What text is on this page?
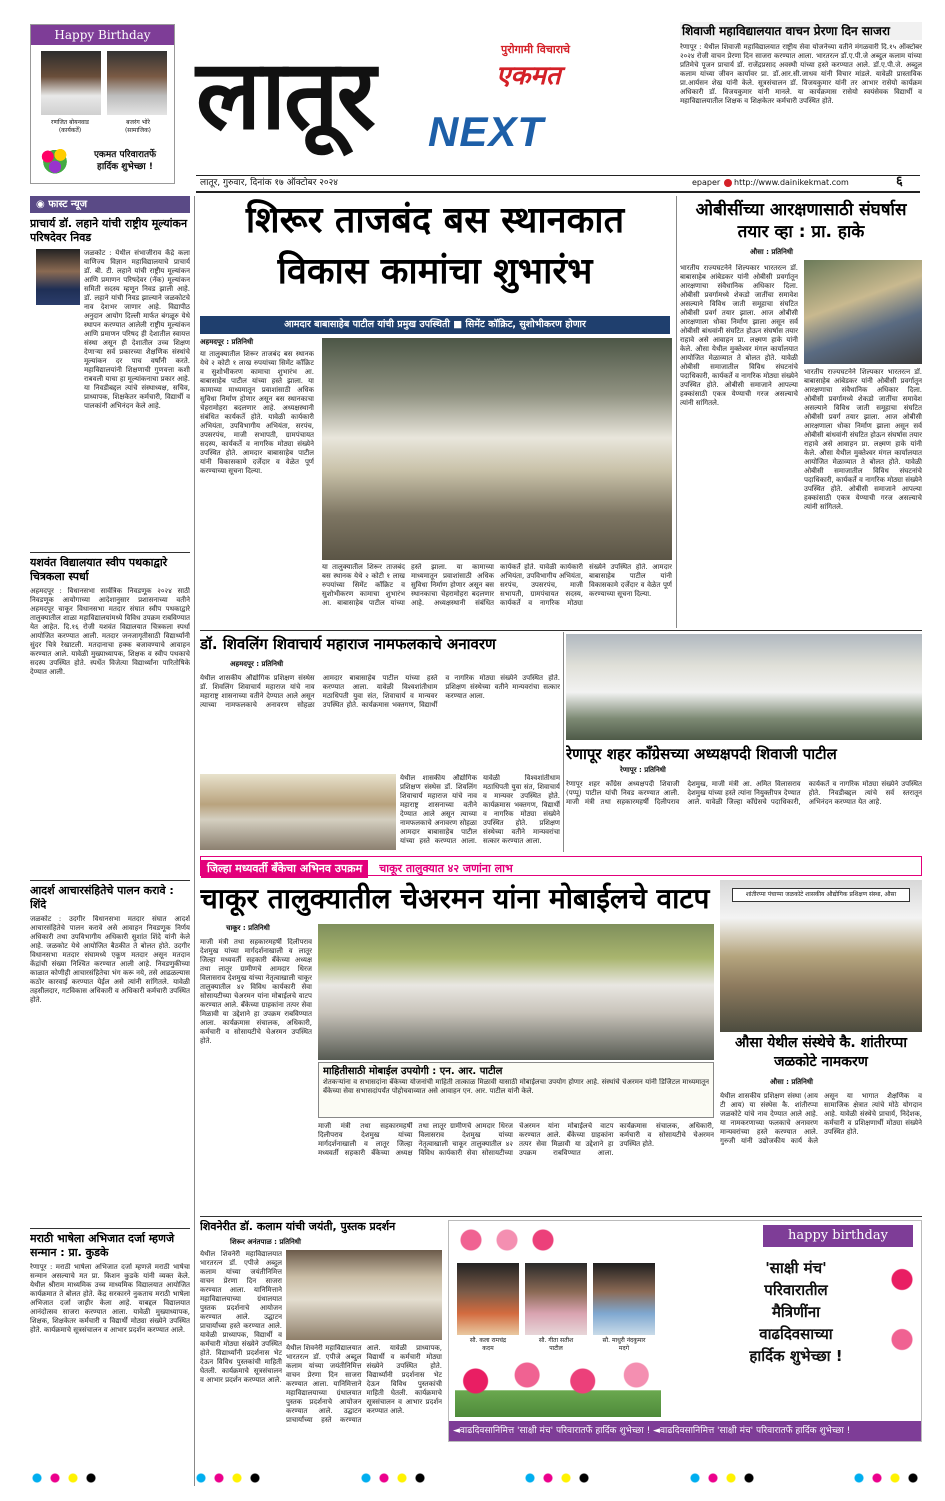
Happy Birthday
रणजित बोयनवाड
(कार्यकर्ते)
बजरंग भोरे
(सामाजिक)
एकमत परिवारातर्फे
हार्दिक शुभेच्छा !
लातूर	पुरोगामी विचाराचे
एकमत
NEXT
लातूर, गुरुवार, दिनांक १७ ऑक्टोबर २०२४	epaper http://www.dainikekmat.com	६
शिवाजी महाविद्यालयात वाचन प्रेरणा दिन साजरा
रेणापूर : येथील शिवाजी महाविद्यालयात राष्ट्रीय सेवा योजनेच्या वतीने मंगळवारी दि.१५ ऑक्टोबर २०२४ रोजी वाचन प्रेरणा दिन साजरा करण्यात आला. भारतरत्न डॉ.ए.पी.जे अब्दुल कलाम यांच्या प्रतिमेचे पूजन प्राचार्य डॉ. राजेंद्रप्रसाद अवस्थी यांच्या हस्ते करण्यात आले. डॉ.ए.पी.जे. अब्दुल कलाम यांच्या जीवन कार्यावर प्रा. डॉ.आर.सी.जाधव यांनी विचार मांडले. यावेळी प्रास्ताविक प्रा.आर्यसन शेख यांनी केले. सूत्रसंचालन डॉ. विजयकुमार यांनी तर आभार रासेयो कार्यक्रम अधिकारी डॉ. विजयकुमार यांनी मानले. या कार्यक्रमास रासेयो स्वयंसेवक विद्यार्थी व महाविद्यालयातील शिक्षक व शिक्षकेतर कर्मचारी उपस्थित होते.
◉ फास्ट न्यूज
प्राचार्य डॉ. लहाने यांची राष्ट्रीय मूल्यांकन परिषदेवर निवड
जळकोट : येथील संभाजीराव केंद्रे कला वाणिज्य विज्ञान महाविद्यालयाचे प्राचार्य डॉ. बी. टी. लहाने यांची राष्ट्रीय मूल्यांकन आणि प्रमाणन परिषदेवर (नॅक) मूल्यांकन समिती सदस्य म्हणून निवड झाली आहे. डॉ. लहाने यांची निवड झाल्याने जळकोटचे नाव देशभर जाणार आहे. विद्यापीठ अनुदान आयोग दिल्ली मार्फत बंगळूरु येथे स्थापन करण्यात आलेली राष्ट्रीय मूल्यांकन आणि प्रमाणन परिषद ही देशातील स्वायत्त संस्था असून ही देशातील उच्च शिक्षण देणाऱ्या सर्व प्रकारच्या शैक्षणिक संस्थांचे मूल्यांकन दर पाच वर्षांनी करते. महाविद्यालयांनी शिक्षणाची गुणवत्ता कशी राबवली याचा हा मूल्यांकनाचा प्रकार आहे. या निवडीबद्दल त्यांचे संस्थाध्यक्ष, सचिव, प्राध्यापक, शिक्षकेतर कर्मचारी, विद्यार्थी व पालकांनी अभिनंदन केले आहे.
यशवंत विद्यालयात स्वीप पथकाद्वारे चित्रकला स्पर्धा
अहमदपूर : विधानसभा सार्वत्रिक निवडणूक २०२४ साठी निवडणूक आयोगाच्या आदेशानुसार प्रशासनाच्या वतीने अहमदपूर चाकूर विधानसभा मतदार संघात स्वीप पथकाद्वारे तालुक्यातील शाळा महाविद्यालयांमध्ये विविध उपक्रम राबविण्यात येत आहेत. दि.१६ रोजी यशवंत विद्यालयात चित्रकला स्पर्धा आयोजित करण्यात आली. मतदार जनजागृतीसाठी विद्यार्थ्यांनी सुंदर चित्रे रेखाटली. मतदानाचा हक्क बजावण्याचे आवाहन करण्यात आले. यावेळी मुख्याध्यापक, शिक्षक व स्वीप पथकाचे सदस्य उपस्थित होते. स्पर्धेत विजेत्या विद्यार्थ्यांना पारितोषिके देण्यात आली.
आदर्श आचारसंहितेचे पालन करावे : शिंदे
जळकोट : उदगीर विधानसभा मतदार संघात आदर्श आचारसंहितेचे पालन करावे असे आवाहन निवडणूक निर्णय अधिकारी तथा उपविभागीय अधिकारी सुशांत शिंदे यांनी केले आहे. जळकोट येथे आयोजित बैठकीत ते बोलत होते. उदगीर विधानसभा मतदार संघामध्ये एकूण मतदार असून मतदान केंद्रांची संख्या निश्चित करण्यात आली आहे. निवडणुकीच्या काळात कोणीही आचारसंहितेचा भंग करू नये, तसे आढळल्यास कठोर कारवाई करण्यात येईल असे त्यांनी सांगितले. यावेळी तहसीलदार, गटविकास अधिकारी व अधिकारी कर्मचारी उपस्थित होते.
मराठी भाषेला अभिजात दर्जा म्हणजे सन्मान : प्रा. कुडके
रेणापूर : मराठी भाषेला अभिजात दर्जा म्हणजे मराठी भाषेचा सन्मान असल्याचे मत प्रा. किशन कुडके यांनी व्यक्त केले. येथील श्रीराम माध्यमिक उच्च माध्यमिक विद्यालयात आयोजित कार्यक्रमात ते बोलत होते. केंद्र सरकारने नुकताच मराठी भाषेला अभिजात दर्जा जाहीर केला आहे. याबद्दल विद्यालयात आनंदोत्सव साजरा करण्यात आला. यावेळी मुख्याध्यापक, शिक्षक, शिक्षकेतर कर्मचारी व विद्यार्थी मोठ्या संख्येने उपस्थित होते. कार्यक्रमाचे सूत्रसंचालन व आभार प्रदर्शन करण्यात आले.
शिरूर ताजबंद बस स्थानकात
विकास कामांचा शुभारंभ
आमदार बाबासाहेब पाटील यांची प्रमुख उपस्थिती ■ सिमेंट कॉक्रिट, सुशोभीकरण होणार
अहमदपूर : प्रतिनिधी
या तालुक्यातील शिरूर ताजबंद बस स्थानक येथे २ कोटी १ लाख रुपयांच्या सिमेंट कॉक्रिट व सुशोभीकरण कामाचा शुभारंभ आ. बाबासाहेब पाटील यांच्या हस्ते झाला. या कामाच्या माध्यमातून प्रवाशांसाठी अधिक सुविधा निर्माण होणार असून बस स्थानकाचा चेहरामोहरा बदलणार आहे. अध्यक्षस्थानी संबंधित कार्यकर्ते होते. यावेळी कार्यकारी अभियंता, उपविभागीय अभियंता, सरपंच, उपसरपंच, माजी सभापती, ग्रामपंचायत सदस्य, कार्यकर्ते व नागरिक मोठ्या संख्येने उपस्थित होते. आमदार बाबासाहेब पाटील यांनी विकासकामे दर्जेदार व वेळेत पूर्ण करण्याच्या सूचना दिल्या.
या तालुक्यातील शिरूर ताजबंद बस स्थानक येथे २ कोटी १ लाख रुपयांच्या सिमेंट कॉक्रिट व सुशोभीकरण कामाचा शुभारंभ आ. बाबासाहेब पाटील यांच्या हस्ते झाला. या कामाच्या माध्यमातून प्रवाशांसाठी अधिक सुविधा निर्माण होणार असून बस स्थानकाचा चेहरामोहरा बदलणार आहे. अध्यक्षस्थानी संबंधित कार्यकर्ते होते. यावेळी कार्यकारी अभियंता, उपविभागीय अभियंता, सरपंच, उपसरपंच, माजी सभापती, ग्रामपंचायत सदस्य, कार्यकर्ते व नागरिक मोठ्या संख्येने उपस्थित होते. आमदार बाबासाहेब पाटील यांनी विकासकामे दर्जेदार व वेळेत पूर्ण करण्याच्या सूचना दिल्या.
ओबीसींच्या आरक्षणासाठी संघर्षास तयार व्हा : प्रा. हाके
औसा : प्रतिनिधी
भारतीय राज्यघटनेने शिल्पकार भारतरत्न डॉ. बाबासाहेब आंबेडकर यांनी ओबीसी प्रवर्गातून आरक्षणाचा संवैधानिक अधिकार दिला. ओबीसी प्रवर्गामध्ये शेकडो जातींचा समावेश असल्याने विविध जाती समूहाचा संघटित ओबीसी प्रवर्ग तयार झाला. आज ओबीसी आरक्षणाला धोका निर्माण झाला असून सर्व ओबीसी बांधवांनी संघटित होऊन संघर्षास तयार राहावे असे आवाहन प्रा. लक्ष्मण हाके यांनी केले. औसा येथील मुक्तेश्वर मंगल कार्यालयात आयोजित मेळाव्यात ते बोलत होते. यावेळी ओबीसी समाजातील विविध संघटनांचे पदाधिकारी, कार्यकर्ते व नागरिक मोठ्या संख्येने उपस्थित होते. ओबीसी समाजाने आपल्या हक्कांसाठी एकत्र येण्याची गरज असल्याचे त्यांनी सांगितले.
भारतीय राज्यघटनेने शिल्पकार भारतरत्न डॉ. बाबासाहेब आंबेडकर यांनी ओबीसी प्रवर्गातून आरक्षणाचा संवैधानिक अधिकार दिला. ओबीसी प्रवर्गामध्ये शेकडो जातींचा समावेश असल्याने विविध जाती समूहाचा संघटित ओबीसी प्रवर्ग तयार झाला. आज ओबीसी आरक्षणाला धोका निर्माण झाला असून सर्व ओबीसी बांधवांनी संघटित होऊन संघर्षास तयार राहावे असे आवाहन प्रा. लक्ष्मण हाके यांनी केले. औसा येथील मुक्तेश्वर मंगल कार्यालयात आयोजित मेळाव्यात ते बोलत होते. यावेळी ओबीसी समाजातील विविध संघटनांचे पदाधिकारी, कार्यकर्ते व नागरिक मोठ्या संख्येने उपस्थित होते. ओबीसी समाजाने आपल्या हक्कांसाठी एकत्र येण्याची गरज असल्याचे त्यांनी सांगितले.
डॉ. शिवलिंग शिवाचार्य महाराज नामफलकाचे अनावरण
अहमदपूर : प्रतिनिधी
येथील शासकीय औद्योगिक प्रशिक्षण संस्थेस डॉ. शिवलिंग शिवाचार्य महाराज यांचे नाव महाराष्ट्र शासनाच्या वतीने देण्यात आले असून त्याच्या नामफलकाचे अनावरण सोहळा आमदार बाबासाहेब पाटील यांच्या हस्ते करण्यात आला. यावेळी विश्वशांतीधाम मठाधिपती युवा संत, शिवाचार्य व मान्यवर उपस्थित होते. कार्यक्रमास भक्तगण, विद्यार्थी व नागरिक मोठ्या संख्येने उपस्थित होते. प्रशिक्षण संस्थेच्या वतीने मान्यवरांचा सत्कार करण्यात आला.
येथील शासकीय औद्योगिक प्रशिक्षण संस्थेस डॉ. शिवलिंग शिवाचार्य महाराज यांचे नाव महाराष्ट्र शासनाच्या वतीने देण्यात आले असून त्याच्या नामफलकाचे अनावरण सोहळा आमदार बाबासाहेब पाटील यांच्या हस्ते करण्यात आला. यावेळी विश्वशांतीधाम मठाधिपती युवा संत, शिवाचार्य व मान्यवर उपस्थित होते. कार्यक्रमास भक्तगण, विद्यार्थी व नागरिक मोठ्या संख्येने उपस्थित होते. प्रशिक्षण संस्थेच्या वतीने मान्यवरांचा सत्कार करण्यात आला.
रेणापूर शहर काँग्रेसच्या अध्यक्षपदी शिवाजी पाटील
रेणापूर : प्रतिनिधी
रेणापूर शहर काँग्रेस अध्यक्षपदी शिवाजी (पप्पू) पाटील यांची निवड करण्यात आली. माजी मंत्री तथा सहकारमहर्षी दिलीपराव देशमुख, माजी मंत्री आ. अमित विलासराव देशमुख यांच्या हस्ते त्यांना नियुक्तीपत्र देण्यात आले. यावेळी जिल्हा काँग्रेसचे पदाधिकारी, कार्यकर्ते व नागरिक मोठ्या संख्येने उपस्थित होते. निवडीबद्दल त्यांचे सर्व स्तरातून अभिनंदन करण्यात येत आहे.
जिल्हा मध्यवर्ती बँकेचा अभिनव उपक्रम चाकूर तालुक्यात ४२ जणांना लाभ
चाकूर तालुक्यातील चेअरमन यांना मोबाईलचे वाटप
चाकूर : प्रतिनिधी
माजी मंत्री तथा सहकारमहर्षी दिलीपराव देशमुख यांच्या मार्गदर्शनाखाली व लातूर जिल्हा मध्यवर्ती सहकारी बँकेच्या अध्यक्ष तथा लातूर ग्रामीणचे आमदार धिरज विलासराव देशमुख यांच्या नेतृत्वाखाली चाकूर तालुक्यातील ४२ विविध कार्यकारी सेवा सोसायटीच्या चेअरमन यांना मोबाईलचे वाटप करण्यात आले. बँकेच्या ग्राहकांना तत्पर सेवा मिळावी या उद्देशाने हा उपक्रम राबविण्यात आला. कार्यक्रमास संचालक, अधिकारी, कर्मचारी व सोसायटीचे चेअरमन उपस्थित होते.
माहितीसाठी मोबाईल उपयोगी : एन. आर. पाटील
शेतकऱ्यांना व सभासदांना बँकेच्या योजनांची माहिती तात्काळ मिळावी यासाठी मोबाईलचा उपयोग होणार आहे. संस्थांचे चेअरमन यांनी डिजिटल माध्यमातून बँकेच्या सेवा सभासदांपर्यंत पोहोचवाव्यात असे आवाहन एन. आर. पाटील यांनी केले.
माजी मंत्री तथा सहकारमहर्षी दिलीपराव देशमुख यांच्या मार्गदर्शनाखाली व लातूर जिल्हा मध्यवर्ती सहकारी बँकेच्या अध्यक्ष तथा लातूर ग्रामीणचे आमदार धिरज विलासराव देशमुख यांच्या नेतृत्वाखाली चाकूर तालुक्यातील ४२ विविध कार्यकारी सेवा सोसायटीच्या चेअरमन यांना मोबाईलचे वाटप करण्यात आले. बँकेच्या ग्राहकांना तत्पर सेवा मिळावी या उद्देशाने हा उपक्रम राबविण्यात आला. कार्यक्रमास संचालक, अधिकारी, कर्मचारी व सोसायटीचे चेअरमन उपस्थित होते.
शांतीरप्पा पंचाप्पा जळकोटे शासकीय औद्योगिक प्रशिक्षण संस्था, औसा
औसा येथील संस्थेचे कै. शांतीरप्पा जळकोटे नामकरण
औसा : प्रतिनिधी
येथील शासकीय प्रशिक्षण संस्था (आय टी आय) या संस्थेस कै. शांतीरप्पा जळकोटे यांचे नाव देण्यात आले आहे. या नामकरणाच्या फलकाचे अनावरण मान्यवरांच्या हस्ते करण्यात आले. गुरुजी यांनी उद्योजकीय कार्य केले असून या भागात शैक्षणिक व सामाजिक क्षेत्रात त्यांचे मोठे योगदान आहे. यावेळी संस्थेचे प्राचार्य, निदेशक, कर्मचारी व प्रशिक्षणार्थी मोठ्या संख्येने उपस्थित होते.
शिवनेरीत डॉ. कलाम यांची जयंती, पुस्तक प्रदर्शन
शिरूर अनंतपाळ : प्रतिनिधी
येथील शिवनेरी महाविद्यालयात भारतरत्न डॉ. एपीजे अब्दुल कलाम यांच्या जयंतीनिमित्त वाचन प्रेरणा दिन साजरा करण्यात आला. यानिमित्ताने महाविद्यालयाच्या ग्रंथालयात पुस्तक प्रदर्शनाचे आयोजन करण्यात आले. उद्घाटन प्राचार्यांच्या हस्ते करण्यात आले. यावेळी प्राध्यापक, विद्यार्थी व कर्मचारी मोठ्या संख्येने उपस्थित होते. विद्यार्थ्यांनी प्रदर्शनास भेट देऊन विविध पुस्तकांची माहिती घेतली. कार्यक्रमाचे सूत्रसंचालन व आभार प्रदर्शन करण्यात आले.
येथील शिवनेरी महाविद्यालयात भारतरत्न डॉ. एपीजे अब्दुल कलाम यांच्या जयंतीनिमित्त वाचन प्रेरणा दिन साजरा करण्यात आला. यानिमित्ताने महाविद्यालयाच्या ग्रंथालयात पुस्तक प्रदर्शनाचे आयोजन करण्यात आले. उद्घाटन प्राचार्यांच्या हस्ते करण्यात आले. यावेळी प्राध्यापक, विद्यार्थी व कर्मचारी मोठ्या संख्येने उपस्थित होते. विद्यार्थ्यांनी प्रदर्शनास भेट देऊन विविध पुस्तकांची माहिती घेतली. कार्यक्रमाचे सूत्रसंचालन व आभार प्रदर्शन करण्यात आले.
happy birthday
सौ. कला रामचंद्र
कदम
सौ. गीता सतीश
पाटील
सौ. माधुरी नंदकुमार
मदगे
'साक्षी मंच'
परिवारातील
मैत्रिणींना
वाढदिवसाच्या
हार्दिक शुभेच्छा !
◄वाढदिवसानिमित्त 'साक्षी मंच' परिवारातर्फे हार्दिक शुभेच्छा ! ◄वाढदिवसानिमित्त 'साक्षी मंच' परिवारातर्फे हार्दिक शुभेच्छा !
